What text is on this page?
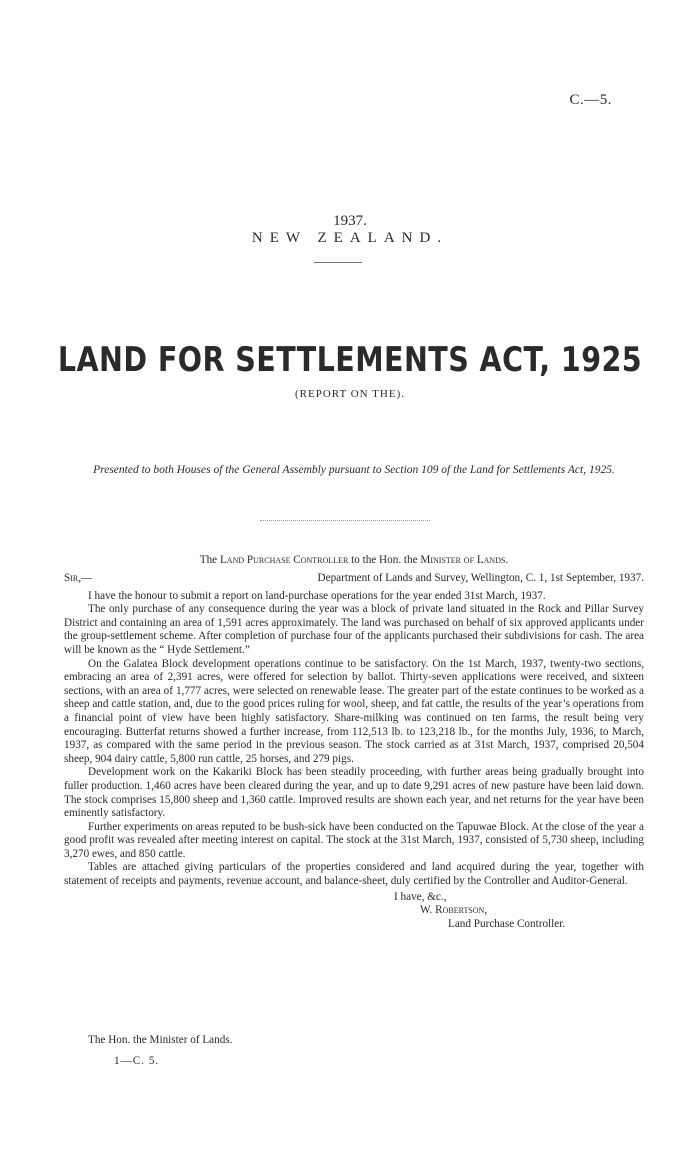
C.—5.
1937.
NEW ZEALAND.
LAND FOR SETTLEMENTS ACT, 1925
(REPORT ON THE).
Presented to both Houses of the General Assembly pursuant to Section 109 of the Land for Settlements Act, 1925.
The Land Purchase Controller to the Hon. the Minister of Lands.
Sir,—	Department of Lands and Survey, Wellington, C. 1, 1st September, 1937.

I have the honour to submit a report on land-purchase operations for the year ended 31st March, 1937.

The only purchase of any consequence during the year was a block of private land situated in the Rock and Pillar Survey District and containing an area of 1,591 acres approximately. The land was purchased on behalf of six approved applicants under the group-settlement scheme. After completion of purchase four of the applicants purchased their subdivisions for cash. The area will be known as the “ Hyde Settlement.”

On the Galatea Block development operations continue to be satisfactory. On the 1st March, 1937, twenty-two sections, embracing an area of 2,391 acres, were offered for selection by ballot. Thirty-seven applications were received, and sixteen sections, with an area of 1,777 acres, were selected on renewable lease. The greater part of the estate continues to be worked as a sheep and cattle station, and, due to the good prices ruling for wool, sheep, and fat cattle, the results of the year’s operations from a financial point of view have been highly satisfactory. Share-milking was continued on ten farms, the result being very encouraging. Butterfat returns showed a further increase, from 112,513 lb. to 123,218 lb., for the months July, 1936, to March, 1937, as compared with the same period in the previous season. The stock carried as at 31st March, 1937, comprised 20,504 sheep, 904 dairy cattle, 5,800 run cattle, 25 horses, and 279 pigs.

Development work on the Kakariki Block has been steadily proceeding, with further areas being gradually brought into fuller production. 1,460 acres have been cleared during the year, and up to date 9,291 acres of new pasture have been laid down. The stock comprises 15,800 sheep and 1,360 cattle. Improved results are shown each year, and net returns for the year have been eminently satisfactory.

Further experiments on areas reputed to be bush-sick have been conducted on the Tapuwae Block. At the close of the year a good profit was revealed after meeting interest on capital. The stock at the 31st March, 1937, consisted of 5,730 sheep, including 3,270 ewes, and 850 cattle.

Tables are attached giving particulars of the properties considered and land acquired during the year, together with statement of receipts and payments, revenue account, and balance-sheet, duly certified by the Controller and Auditor-General.

I have, &c.,
W. Robertson,
Land Purchase Controller.
The Hon. the Minister of Lands.
1—C. 5.
